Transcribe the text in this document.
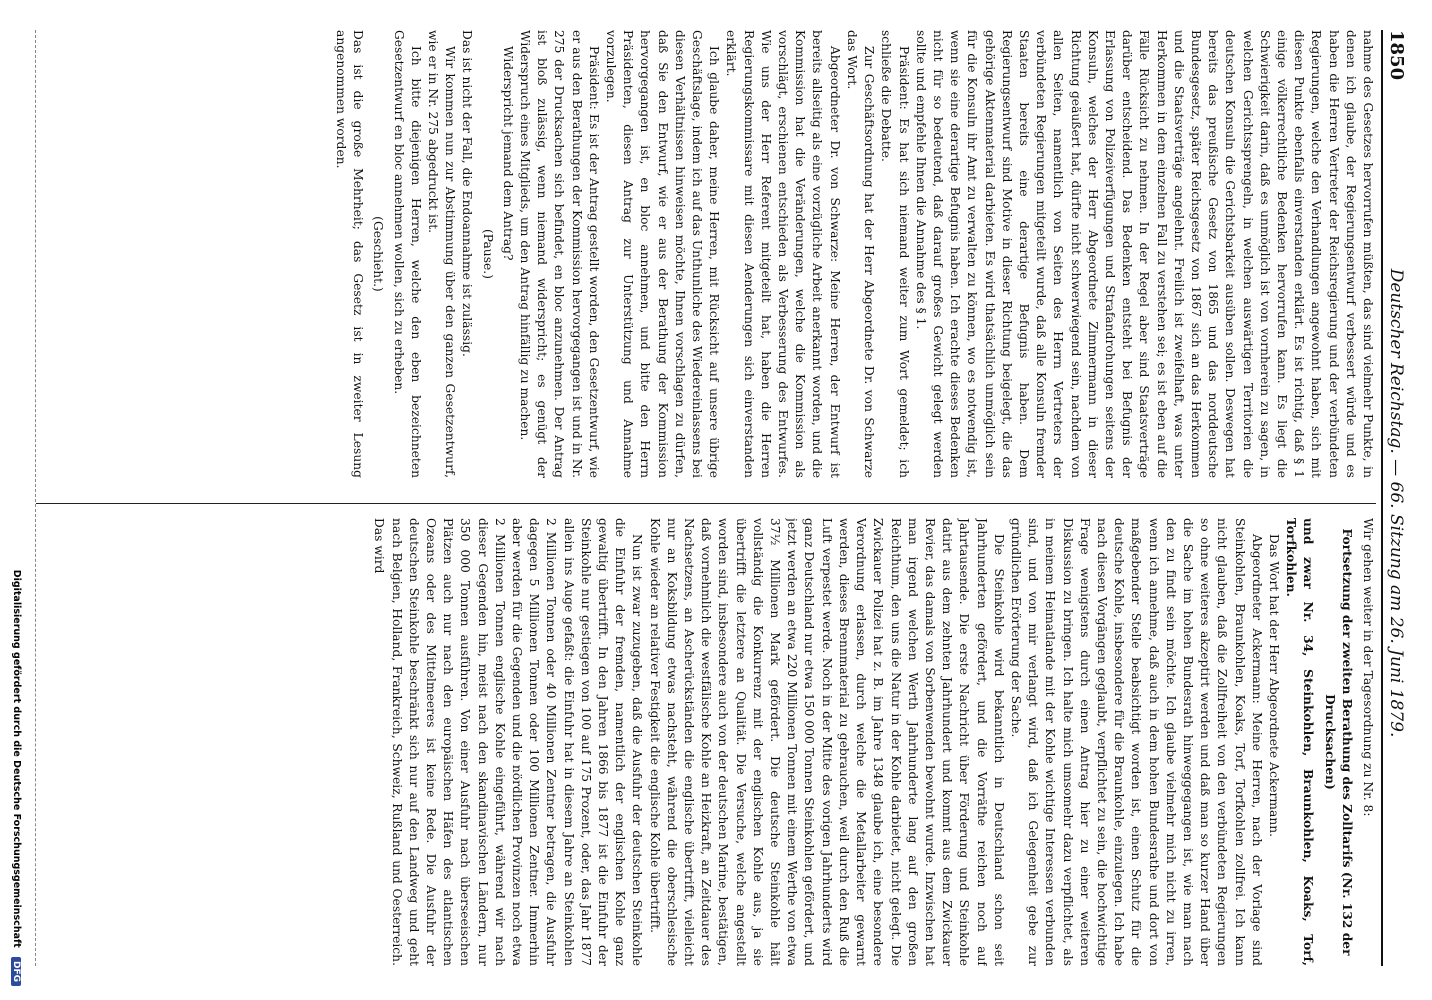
1850
Deutscher Reichstag. — 66. Sitzung am 26. Juni 1879.

nahme des Gesetzes hervorrufen müßten, das sind vielmehr Punkte, in denen ich glaube, der Regierungsentwurf verbessert würde und es haben die Herren Vertreter der Reichsregierung und der verbündeten Regierungen, welche den Verhandlungen angewohnt haben, sich mit diesen Punkte ebenfalls einverstanden erklärt. Es ist richtig, daß § 1 einige völkerrechtliche Bedenken hervorrufen kann. Es liegt die Schwierigkeit darin, daß es unmöglich ist von vornherein zu sagen, in welchen Gerichtssprengeln, in welchen auswärtigen Territorien die deutschen Konsuln die Gerichtsbarkeit ausüben sollen. Deswegen hat bereits das preußische Gesetz von 1865 und das norddeutsche Bundesgesetz, später Reichsgesetz von 1867 sich an das Herkommen und die Staatsverträge angelehnt. Freilich ist zweifelhaft, was unter Herkommen in dem einzelnen Fall zu verstehen sei; es ist eben auf die Fälle Rücksicht zu nehmen. In der Regel aber sind Staatsverträge darüber entscheidend. Das Bedenken entsteht bei Befugnis der Erlassung von Polizeiverfügungen und Strafandrohungen seitens der Konsuln, welches der Herr Abgeordnete Zimmermann in dieser Richtung geäußert hat, dürfte nicht schwerwiegend sein, nachdem von allen Seiten, namentlich von Seiten des Herrn Vertreters der verbündeten Regierungen mitgeteilt wurde, daß alle Konsuln fremder Staaten bereits eine derartige Befugnis haben. Dem Regierungsentwurf sind Motive in dieser Richtung beigelegt, die das gehörige Aktenmaterial darbieten. Es wird thatsächlich unmöglich sein für die Konsuln ihr Amt zu verwalten zu können, wo es notwendig ist, wenn sie eine derartige Befugnis haben. Ich erachte dieses Bedenken nicht für so bedeutend, daß darauf großes Gewicht gelegt werden sollte und empfehle Ihnen die Annahme des § 1.

Präsident: Es hat sich niemand weiter zum Wort gemeldet; ich schließe die Debatte.

Zur Geschäftsordnung hat der Herr Abgeordnete Dr. von Schwarze das Wort.

Abgeordneter Dr. von Schwarze: Meine Herren, der Entwurf ist bereits allseitig als eine vorzügliche Arbeit anerkannt worden, und die Kommission hat die Veränderungen, welche die Kommission als vorschlägt, erschienen entschieden als Verbesserung des Entwurfes. Wie uns der Herr Referent mitgeteilt hat, haben die Herren Regierungskommissare mit diesen Aenderungen sich einverstanden erklärt.

Ich glaube daher, meine Herren, mit Rücksicht auf unsere übrige Geschäftslage, indem ich auf das Unthunliche des Wiedereinlassens bei diesen Verhältnissen hinweisen möchte, Ihnen vorschlagen zu dürfen, daß Sie den Entwurf, wie er aus der Berathung der Kommission hervorgegangen ist, en bloc annehmen, und bitte den Herrn Präsidenten, diesen Antrag zur Unterstützung und Annahme vorzulegen.

Präsident: Es ist der Antrag gestellt worden, den Gesetzentwurf, wie er aus den Berathungen der Kommission hervorgegangen ist und in Nr. 275 der Drucksachen sich befindet, en bloc anzunehmen. Der Antrag ist bloß zulässig, wenn niemand widerspricht; es genügt der Widerspruch eines Mitglieds, um den Antrag hinfällig zu machen.

Widerspricht jemand dem Antrag?

(Pause.)

Das ist nicht der Fall, die Endoannahme ist zulässig.

Wir kommen nun zur Abstimmung über den ganzen Gesetzentwurf, wie er in Nr. 275 abgedruckt ist.

Ich bitte diejenigen Herren, welche den eben bezeichneten Gesetzentwurf en bloc annehmen wollen, sich zu erheben.

(Geschieht.)

Das ist die große Mehrheit; das Gesetz ist in zweiter Lesung angenommen worden.

Wir gehen weiter in der Tagesordnung zu Nr. 8:

Fortsetzung der zweiten Berathung des Zolltarifs (Nr. 132 der Drucksachen)

und zwar Nr. 34, Steinkohlen, Braunkohlen, Koaks, Torf, Torfkohlen.

Das Wort hat der Herr Abgeordnete Ackermann.

Abgeordneter Ackermann: Meine Herren, nach der Vorlage sind Steinkohlen, Braunkohlen, Koaks, Torf, Torfkohlen zollfrei. Ich kann nicht glauben, daß die Zollfreiheit von den verbündeten Regierungen so ohne weiteres akzeptirt werden und daß man so kurzer Hand über die Sache im hohen Bundesrath hinweggegangen ist, wie man nach den zu findt sein möchte. Ich glaube vielmehr mich nicht zu irren, wenn ich annehme, daß auch in dem hohen Bundesrathe und dort von maßgebender Stelle beabsichtigt worden ist, einen Schutz für die deutsche Kohle, insbesondere für die Braunkohle, einzulegen. Ich habe nach diesen Vorgängen geglaubt, verpflichtet zu sein, die hochwichtige Frage wenigstens durch einen Antrag hier zu einer weiteren Diskussion zu bringen. Ich halte mich umsomehr dazu verpflichtet, als in meinem Heimatlande mit der Kohle wichtige Interessen verbunden sind, und von mir verlangt wird, daß ich Gelegenheit gebe zur gründlichen Erörterung der Sache.

Die Steinkohle wird bekanntlich in Deutschland schon seit Jahrhunderten gefördert, und die Vorräthe reichen noch auf Jahrtausende. Die erste Nachricht über Förderung und Steinkohle datirt aus dem zehnten Jahrhundert und kommt aus dem Zwickauer Revier, das damals von Sorbenwenden bewohnt wurde. Inzwischen hat man irgend welchen Werth Jahrhunderte lang auf den großen Reichthum, den uns die Natur in der Kohle darbietet, nicht gelegt. Die Zwickauer Polizei hat z. B. im Jahre 1348 glaube ich, eine besondere Verordnung erlassen, durch welche die Metallarbeiter gewarnt werden, dieses Brennmaterial zu gebrauchen, weil durch den Ruß die Luft verpestet werde. Noch in der Mitte des vorigen Jahrhunderts wird ganz Deutschland nur etwa 150 000 Tonnen Steinkohlen gefördert, und jetzt werden an etwa 220 Millionen Tonnen mit einem Werthe von etwa 37½ Millionen Mark gefördert. Die deutsche Steinkohle hält vollständig die Konkurrenz mit der englischen Kohle aus, ja sie übertrifft die letztere an Qualität. Die Versuche, welche angestellt worden sind, insbesondere auch von der deutschen Marine, bestätigen, daß vornehmlich die westfälische Kohle an Heizkraft, an Zeitdauer des Nachsetzens, an Ascherückständen die englische übertrifft, vielleicht nur an Koksbildung etwas nachsteht, während die oberschlesische Kohle wieder an relativer Festigkeit die englische Kohle übertrifft.

Nun ist zwar zuzugeben, daß die Ausfuhr der deutschen Steinkohle die Einfuhr der fremden, namentlich der englischen Kohle ganz gewaltig übertrifft. In den Jahren 1866 bis 1877 ist die Einfuhr der Steinkohle nur gestiegen von 100 auf 175 Prozent, oder, das Jahr 1877 allein ins Auge gefaßt: die Einfuhr hat in diesem Jahre an Steinkohlen 2 Millionen Tonnen oder 40 Millionen Zentner betragen, die Ausfuhr dagegen 5 Millionen Tonnen oder 100 Millionen Zentner. Immerhin aber werden für die Gegenden und die nördlichen Provinzen noch etwa 2 Millionen Tonnen englische Kohle eingeführt, während wir nach dieser Gegenden hin, meist nach den skandinavischen Ländern, nur 350 000 Tonnen ausführen. Von einer Ausfuhr nach überseeischen Plätzen auch nur nach den europäischen Häfen des atlantischen Ozeans oder des Mittelmeeres ist keine Rede. Die Ausfuhr der deutschen Steinkohle beschränkt sich nur auf den Landweg und geht nach Belgien, Holland, Frankreich, Schweiz, Rußland und Oesterreich. Das wird

Digitalisierung gefördert durch die Deutsche Forschungsgemeinschaft DFG
